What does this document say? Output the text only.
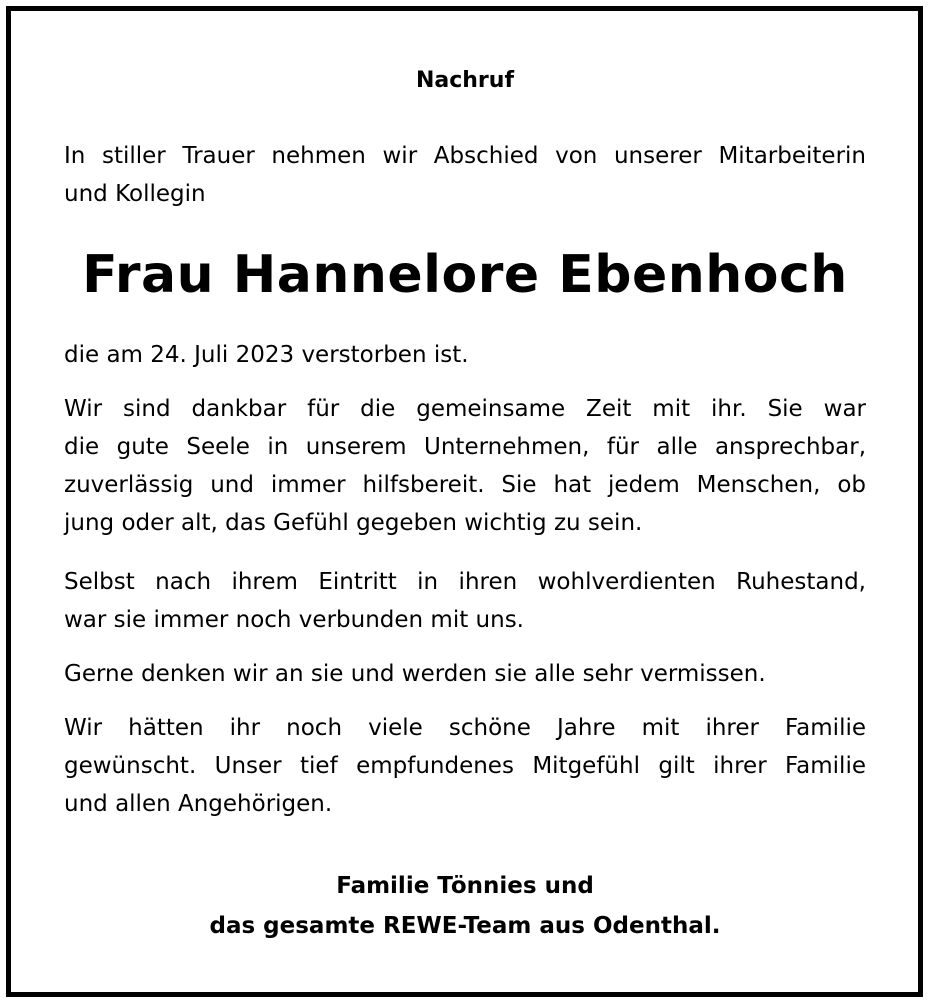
Nachruf
In stiller Trauer nehmen wir Abschied von unserer Mitarbeiterin
und Kollegin
Frau Hannelore Ebenhoch
die am 24. Juli 2023 verstorben ist.
Wir sind dankbar für die gemeinsame Zeit mit ihr. Sie war
die gute Seele in unserem Unternehmen, für alle ansprechbar,
zuverlässig und immer hilfsbereit. Sie hat jedem Menschen, ob
jung oder alt, das Gefühl gegeben wichtig zu sein.
Selbst nach ihrem Eintritt in ihren wohlverdienten Ruhestand,
war sie immer noch verbunden mit uns.
Gerne denken wir an sie und werden sie alle sehr vermissen.
Wir hätten ihr noch viele schöne Jahre mit ihrer Familie
gewünscht. Unser tief empfundenes Mitgefühl gilt ihrer Familie
und allen Angehörigen.
Familie Tönnies und
das gesamte REWE-Team aus Odenthal.
